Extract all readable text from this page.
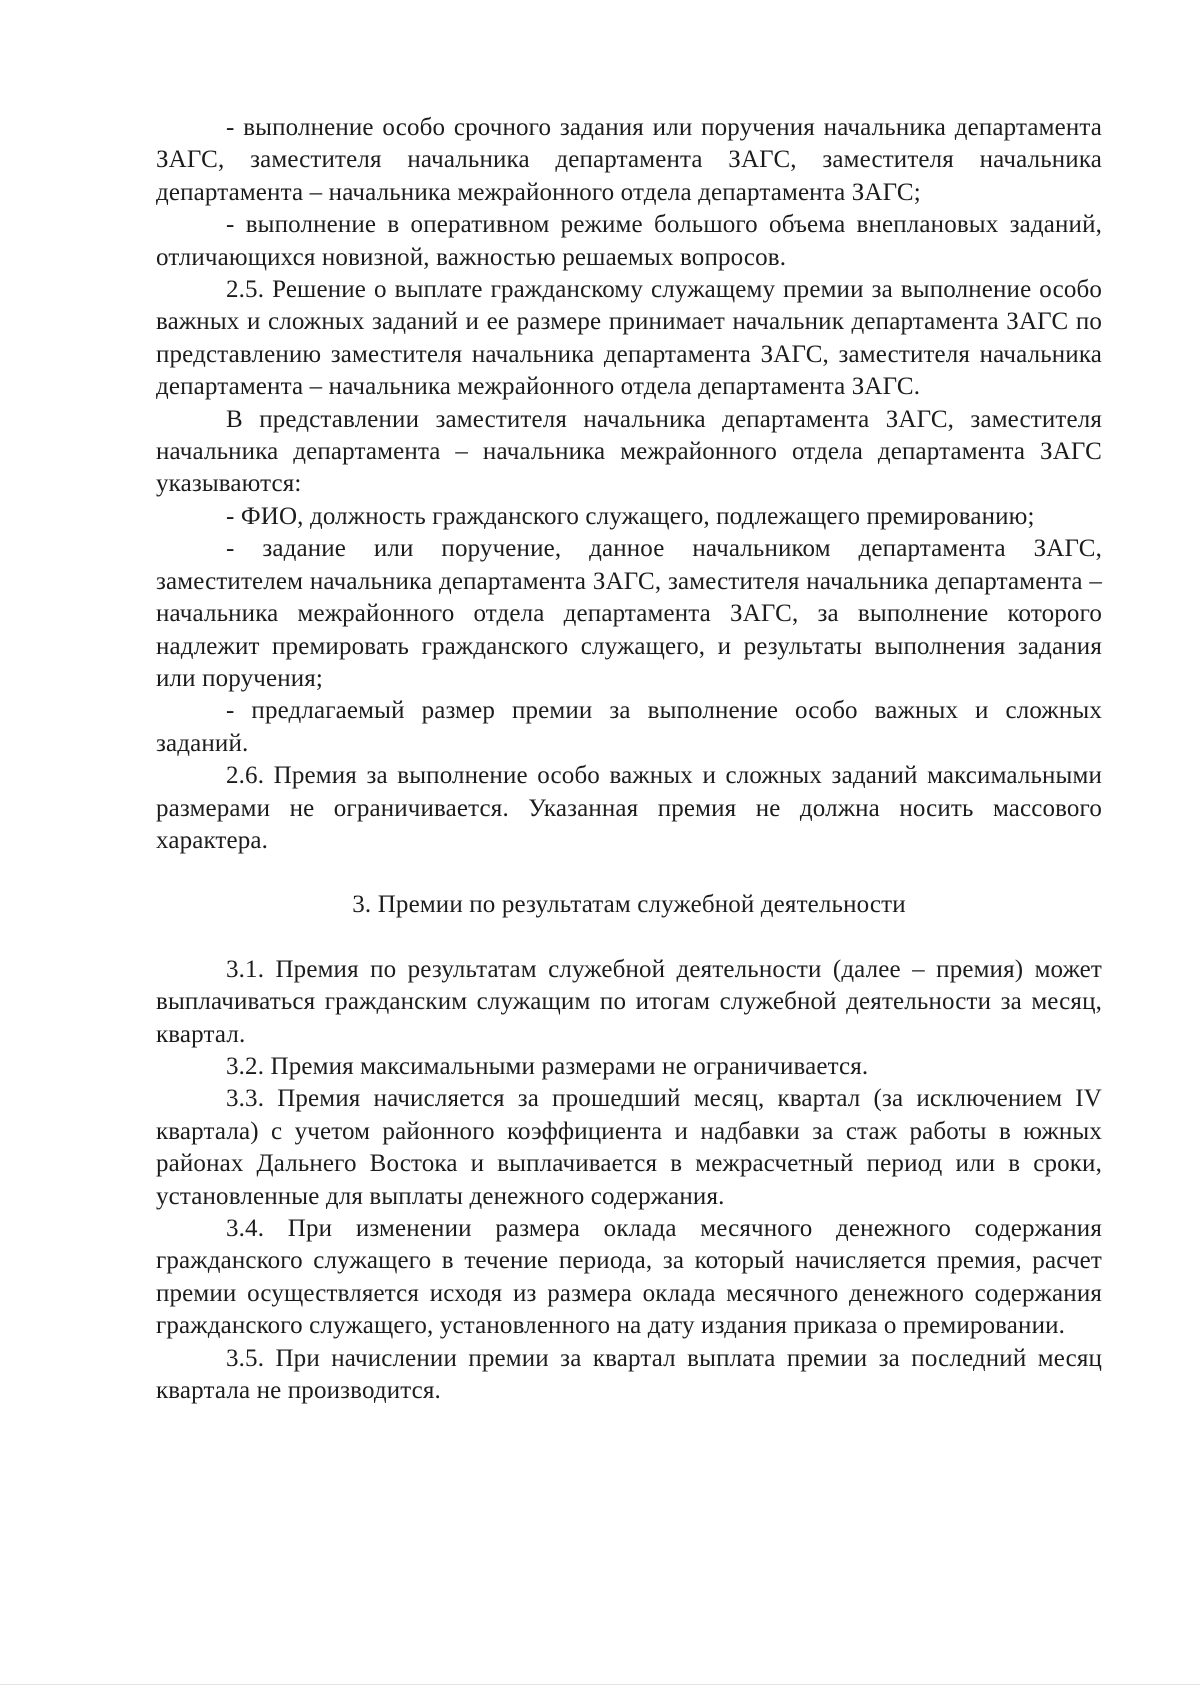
- выполнение особо срочного задания или поручения начальника департамента ЗАГС, заместителя начальника департамента ЗАГС, заместителя начальника департамента – начальника межрайонного отдела департамента ЗАГС;

- выполнение в оперативном режиме большого объема внеплановых заданий, отличающихся новизной, важностью решаемых вопросов.

2.5. Решение о выплате гражданскому служащему премии за выполнение особо важных и сложных заданий и ее размере принимает начальник департамента ЗАГС по представлению заместителя начальника департамента ЗАГС, заместителя начальника департамента – начальника межрайонного отдела департамента ЗАГС.

В представлении заместителя начальника департамента ЗАГС, заместителя начальника департамента – начальника межрайонного отдела департамента ЗАГС указываются:

- ФИО, должность гражданского служащего, подлежащего премированию;

- задание или поручение, данное начальником департамента ЗАГС, заместителем начальника департамента ЗАГС, заместителя начальника департамента – начальника межрайонного отдела департамента ЗАГС, за выполнение которого надлежит премировать гражданского служащего, и результаты выполнения задания или поручения;

- предлагаемый размер премии за выполнение особо важных и сложных заданий.

2.6. Премия за выполнение особо важных и сложных заданий максимальными размерами не ограничивается. Указанная премия не должна носить массового характера.

3. Премии по результатам служебной деятельности

3.1. Премия по результатам служебной деятельности (далее – премия) может выплачиваться гражданским служащим по итогам служебной деятельности за месяц, квартал.

3.2. Премия максимальными размерами не ограничивается.

3.3. Премия начисляется за прошедший месяц, квартал (за исключением IV квартала) с учетом районного коэффициента и надбавки за стаж работы в южных районах Дальнего Востока и выплачивается в межрасчетный период или в сроки, установленные для выплаты денежного содержания.

3.4. При изменении размера оклада месячного денежного содержания гражданского служащего в течение периода, за который начисляется премия, расчет премии осуществляется исходя из размера оклада месячного денежного содержания гражданского служащего, установленного на дату издания приказа о премировании.

3.5. При начислении премии за квартал выплата премии за последний месяц квартала не производится.
